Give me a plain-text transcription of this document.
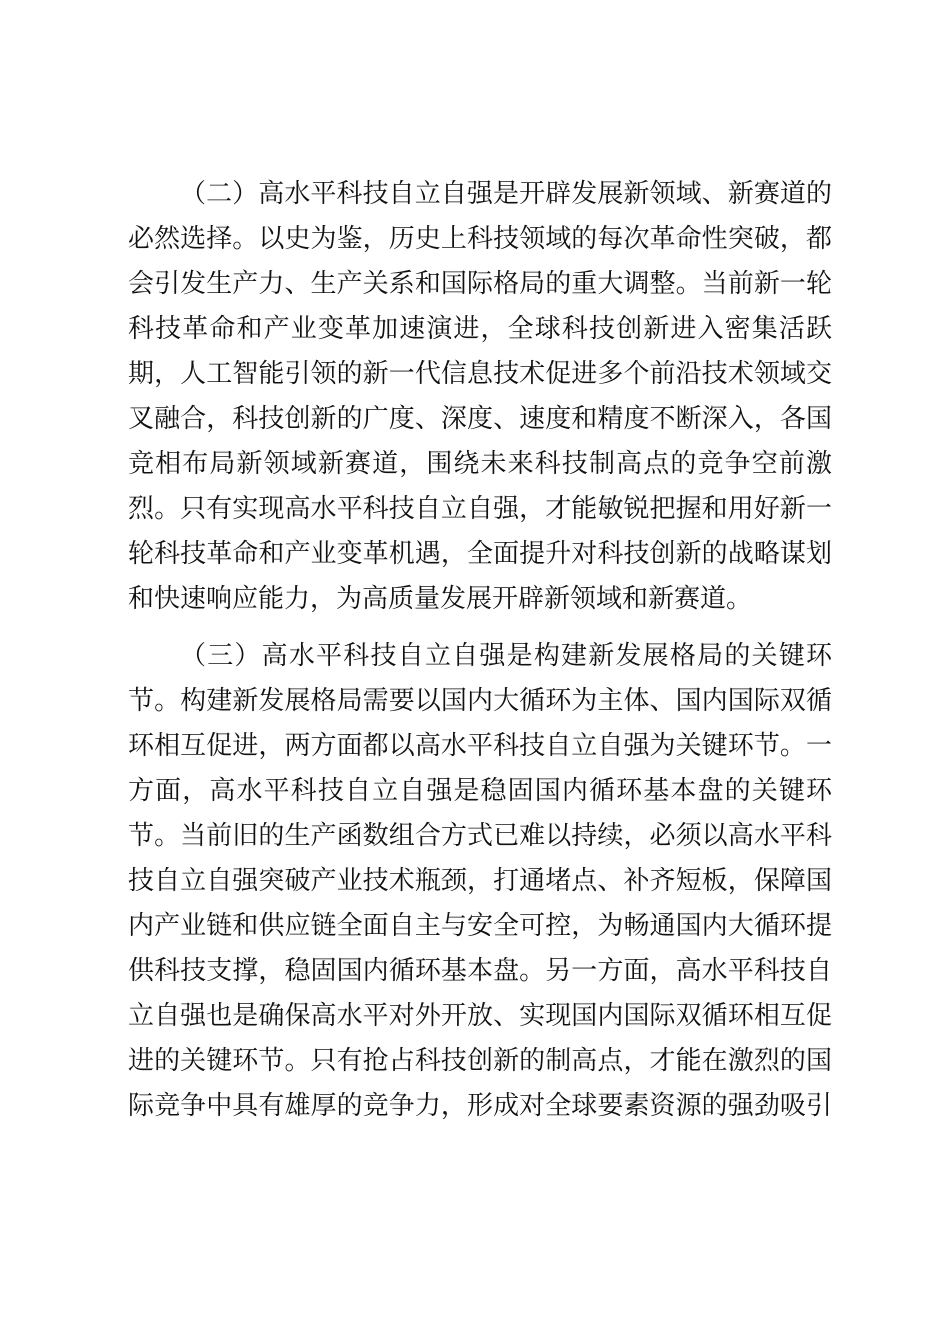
（二）高水平科技自立自强是开辟发展新领域、新赛道的
必然选择。以史为鉴，历史上科技领域的每次革命性突破，都
会引发生产力、生产关系和国际格局的重大调整。当前新一轮
科技革命和产业变革加速演进，全球科技创新进入密集活跃
期，人工智能引领的新一代信息技术促进多个前沿技术领域交
叉融合，科技创新的广度、深度、速度和精度不断深入，各国
竞相布局新领域新赛道，围绕未来科技制高点的竞争空前激
烈。只有实现高水平科技自立自强，才能敏锐把握和用好新一
轮科技革命和产业变革机遇，全面提升对科技创新的战略谋划
和快速响应能力，为高质量发展开辟新领域和新赛道。
（三）高水平科技自立自强是构建新发展格局的关键环
节。构建新发展格局需要以国内大循环为主体、国内国际双循
环相互促进，两方面都以高水平科技自立自强为关键环节。一
方面，高水平科技自立自强是稳固国内循环基本盘的关键环
节。当前旧的生产函数组合方式已难以持续，必须以高水平科
技自立自强突破产业技术瓶颈，打通堵点、补齐短板，保障国
内产业链和供应链全面自主与安全可控，为畅通国内大循环提
供科技支撑，稳固国内循环基本盘。另一方面，高水平科技自
立自强也是确保高水平对外开放、实现国内国际双循环相互促
进的关键环节。只有抢占科技创新的制高点，才能在激烈的国
际竞争中具有雄厚的竞争力，形成对全球要素资源的强劲吸引
